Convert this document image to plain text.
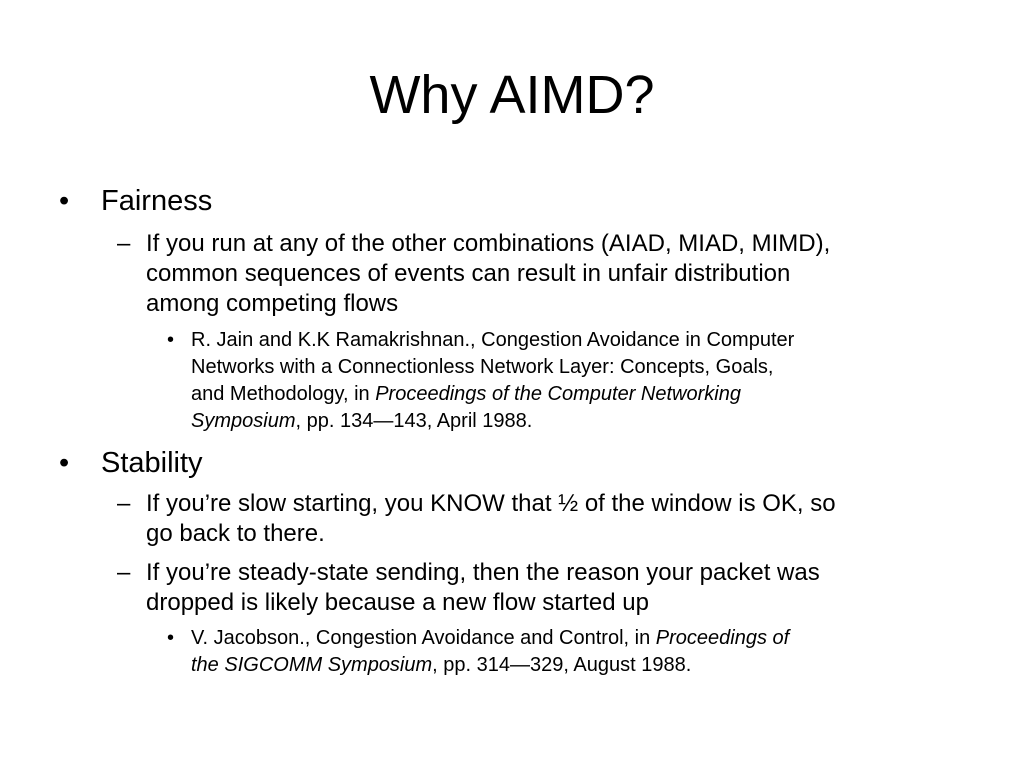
Why AIMD?
• Fairness
– If you run at any of the other combinations (AIAD, MIAD, MIMD),
common sequences of events can result in unfair distribution
among competing flows
• R. Jain and K.K Ramakrishnan., Congestion Avoidance in Computer
Networks with a Connectionless Network Layer: Concepts, Goals,
and Methodology, in Proceedings of the Computer Networking
Symposium, pp. 134—143, April 1988.
• Stability
– If you’re slow starting, you KNOW that ½ of the window is OK, so
go back to there.
– If you’re steady-state sending, then the reason your packet was
dropped is likely because a new flow started up
• V. Jacobson., Congestion Avoidance and Control, in Proceedings of
the SIGCOMM Symposium, pp. 314—329, August 1988.
